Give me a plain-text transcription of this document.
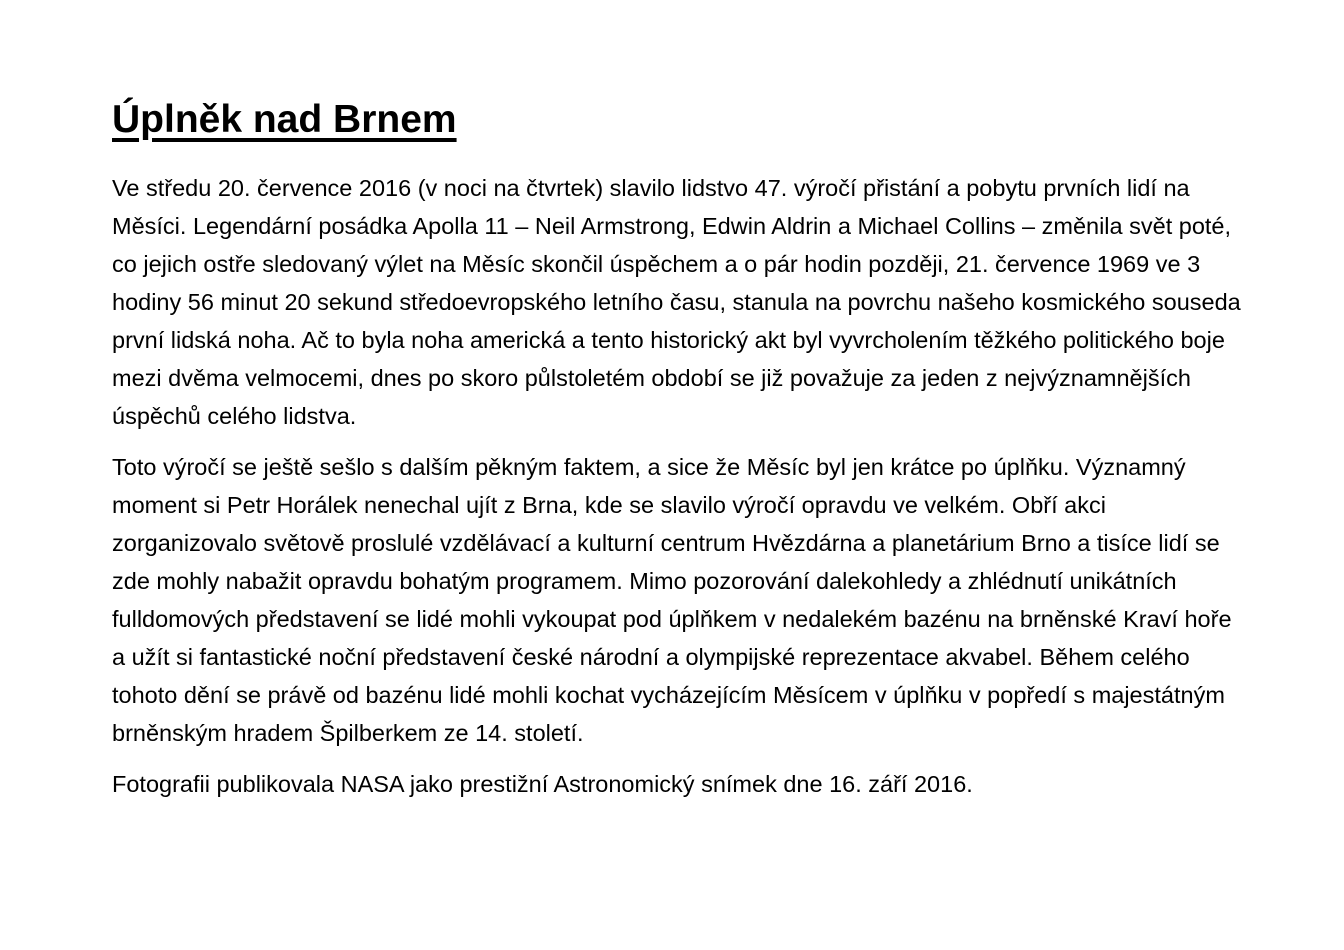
Úplněk nad Brnem

Ve středu 20. července 2016 (v noci na čtvrtek) slavilo lidstvo 47. výročí přistání a pobytu prvních lidí na Měsíci. Legendární posádka Apolla 11 – Neil Armstrong, Edwin Aldrin a Michael Collins – změnila svět poté, co jejich ostře sledovaný výlet na Měsíc skončil úspěchem a o pár hodin později, 21. července 1969 ve 3 hodiny 56 minut 20 sekund středoevropského letního času, stanula na povrchu našeho kosmického souseda první lidská noha. Ač to byla noha americká a tento historický akt byl vyvrcholením těžkého politického boje mezi dvěma velmocemi, dnes po skoro půlstoletém období se již považuje za jeden z nejvýznamnějších úspěchů celého lidstva.

Toto výročí se ještě sešlo s dalším pěkným faktem, a sice že Měsíc byl jen krátce po úplňku. Významný moment si Petr Horálek nenechal ujít z Brna, kde se slavilo výročí opravdu ve velkém. Obří akci zorganizovalo světově proslulé vzdělávací a kulturní centrum Hvězdárna a planetárium Brno a tisíce lidí se zde mohly nabažit opravdu bohatým programem. Mimo pozorování dalekohledy a zhlédnutí unikátních fulldomových představení se lidé mohli vykoupat pod úplňkem v nedalekém bazénu na brněnské Kraví hoře a užít si fantastické noční představení české národní a olympijské reprezentace akvabel. Během celého tohoto dění se právě od bazénu lidé mohli kochat vycházejícím Měsícem v úplňku v popředí s majestátným brněnským hradem Špilberkem ze 14. století.

Fotografii publikovala NASA jako prestižní Astronomický snímek dne 16. září 2016.
